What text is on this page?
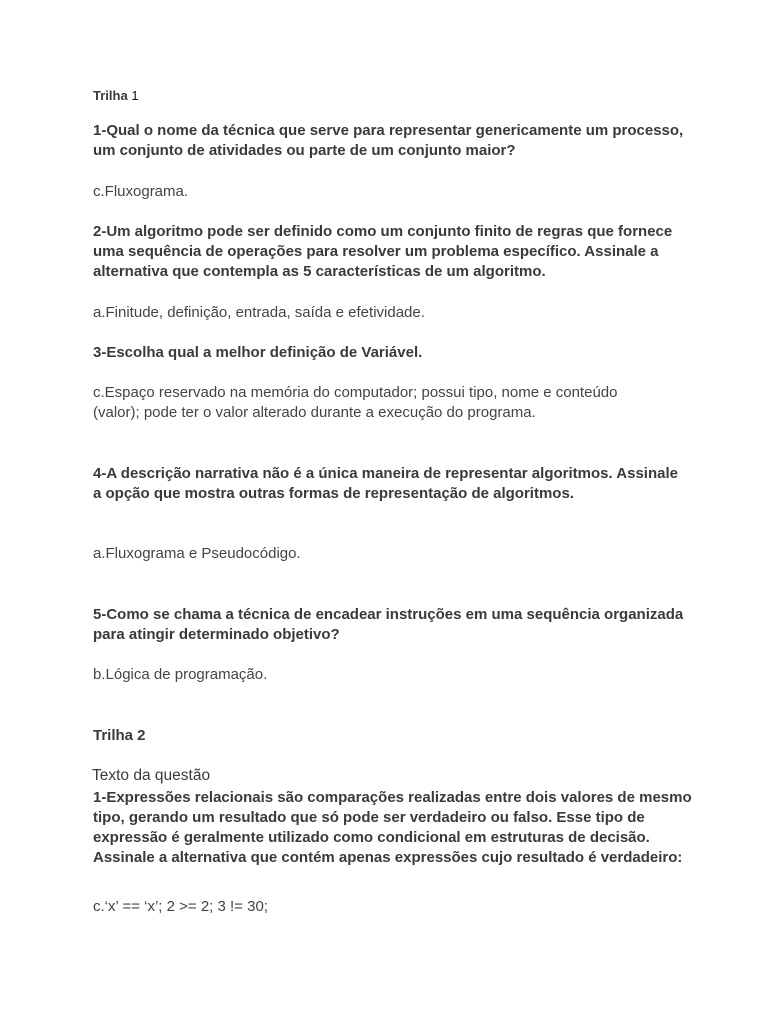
Trilha 1
1-Qual o nome da técnica que serve para representar genericamente um processo,
um conjunto de atividades ou parte de um conjunto maior?
c.Fluxograma.
2-Um algoritmo pode ser definido como um conjunto finito de regras que fornece
uma sequência de operações para resolver um problema específico. Assinale a
alternativa que contempla as 5 características de um algoritmo.
a.Finitude, definição, entrada, saída e efetividade.
3-Escolha qual a melhor definição de Variável.
c.Espaço reservado na memória do computador; possui tipo, nome e conteúdo
(valor); pode ter o valor alterado durante a execução do programa.
4-A descrição narrativa não é a única maneira de representar algoritmos. Assinale
a opção que mostra outras formas de representação de algoritmos.
a.Fluxograma e Pseudocódigo.
5-Como se chama a técnica de encadear instruções em uma sequência organizada
para atingir determinado objetivo?
b.Lógica de programação.
Trilha 2
Texto da questão
1-Expressões relacionais são comparações realizadas entre dois valores de mesmo
tipo, gerando um resultado que só pode ser verdadeiro ou falso. Esse tipo de
expressão é geralmente utilizado como condicional em estruturas de decisão.
Assinale a alternativa que contém apenas expressões cujo resultado é verdadeiro:
c.‘x’ == ‘x’; 2 >= 2; 3 != 30;
